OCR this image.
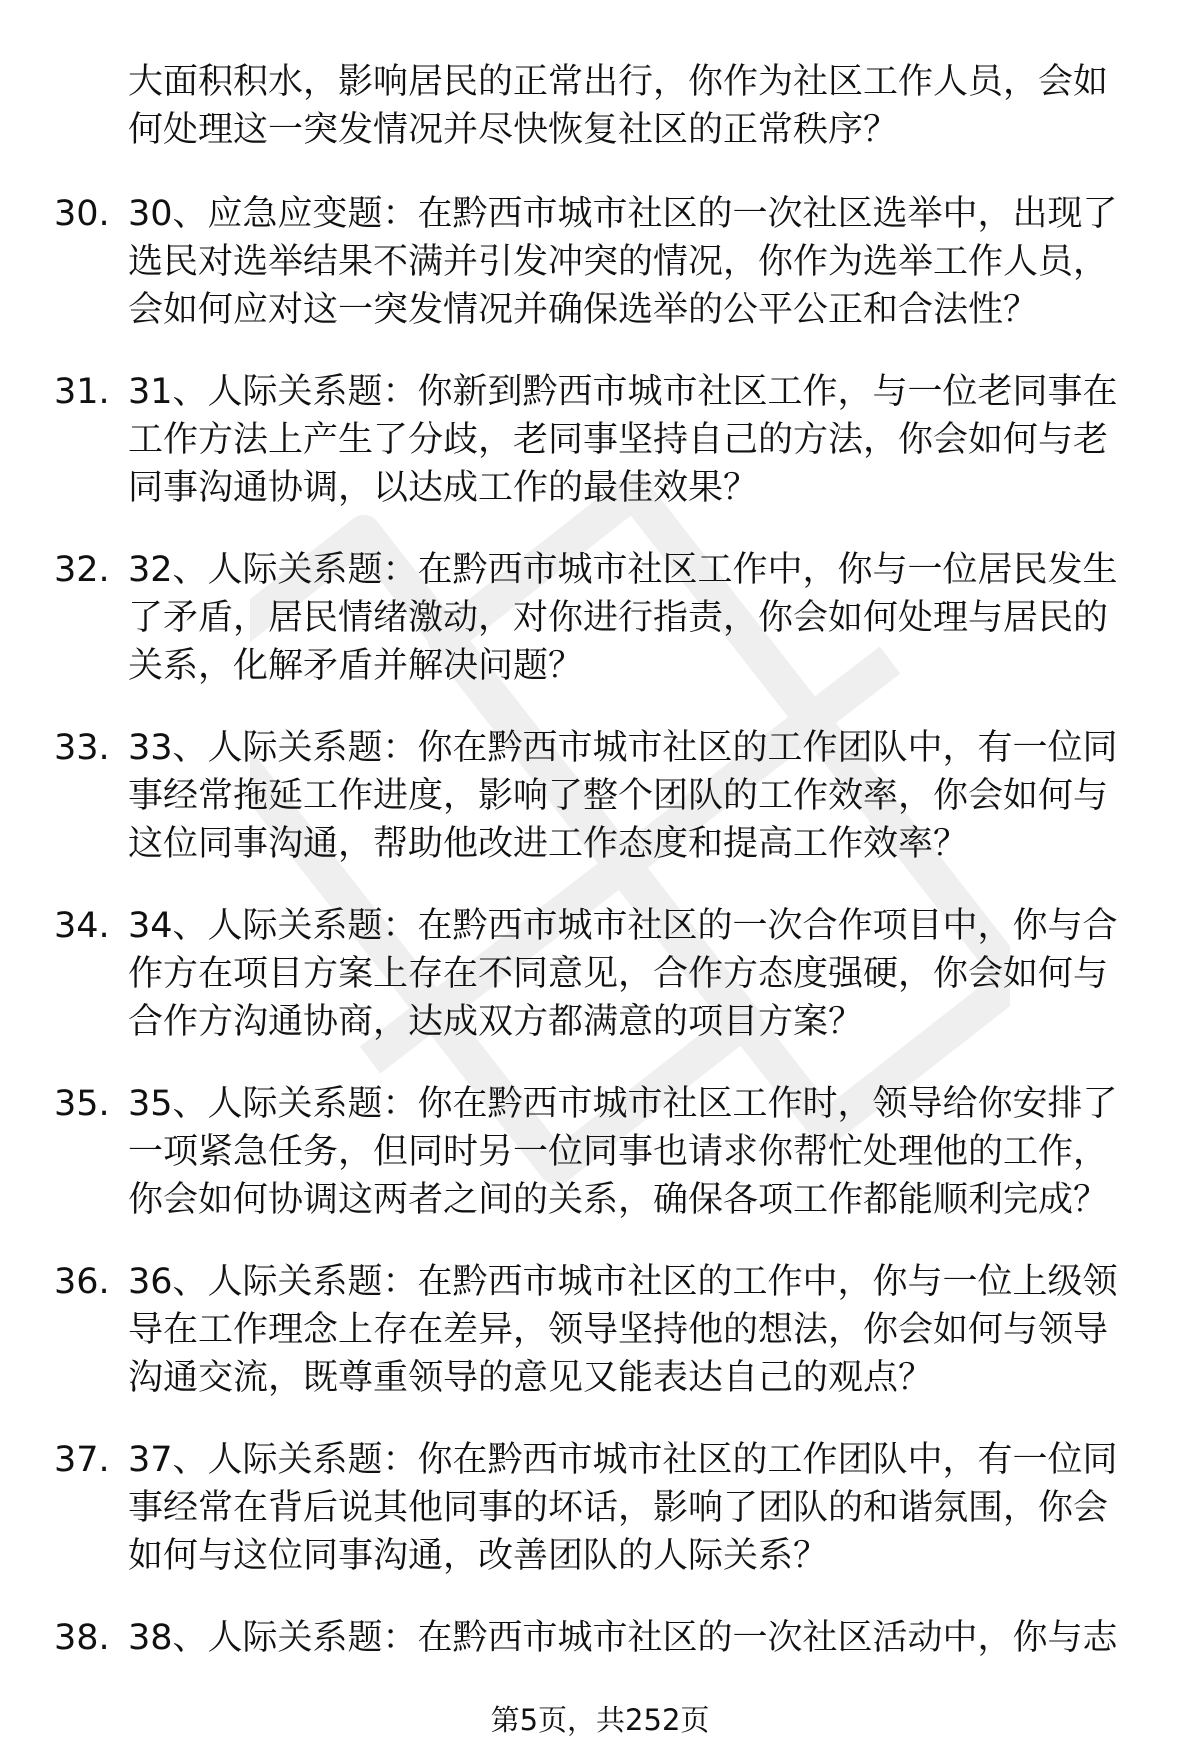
大面积积水，影响居民的正常出行，你作为社区工作人员，会如何处理这一突发情况并尽快恢复社区的正常秩序？

30. 30、应急应变题：在黔西市城市社区的一次社区选举中，出现了选民对选举结果不满并引发冲突的情况，你作为选举工作人员，会如何应对这一突发情况并确保选举的公平公正和合法性？
31. 31、人际关系题：你新到黔西市城市社区工作，与一位老同事在工作方法上产生了分歧，老同事坚持自己的方法，你会如何与老同事沟通协调，以达成工作的最佳效果？
32. 32、人际关系题：在黔西市城市社区工作中，你与一位居民发生了矛盾，居民情绪激动，对你进行指责，你会如何处理与居民的关系，化解矛盾并解决问题？
33. 33、人际关系题：你在黔西市城市社区的工作团队中，有一位同事经常拖延工作进度，影响了整个团队的工作效率，你会如何与这位同事沟通，帮助他改进工作态度和提高工作效率？
34. 34、人际关系题：在黔西市城市社区的一次合作项目中，你与合作方在项目方案上存在不同意见，合作方态度强硬，你会如何与合作方沟通协商，达成双方都满意的项目方案？
35. 35、人际关系题：你在黔西市城市社区工作时，领导给你安排了一项紧急任务，但同时另一位同事也请求你帮忙处理他的工作，你会如何协调这两者之间的关系，确保各项工作都能顺利完成？
36. 36、人际关系题：在黔西市城市社区的工作中，你与一位上级领导在工作理念上存在差异，领导坚持他的想法，你会如何与领导沟通交流，既尊重领导的意见又能表达自己的观点？
37. 37、人际关系题：你在黔西市城市社区的工作团队中，有一位同事经常在背后说其他同事的坏话，影响了团队的和谐氛围，你会如何与这位同事沟通，改善团队的人际关系？
38. 38、人际关系题：在黔西市城市社区的一次社区活动中，你与志
第5页，共252页
